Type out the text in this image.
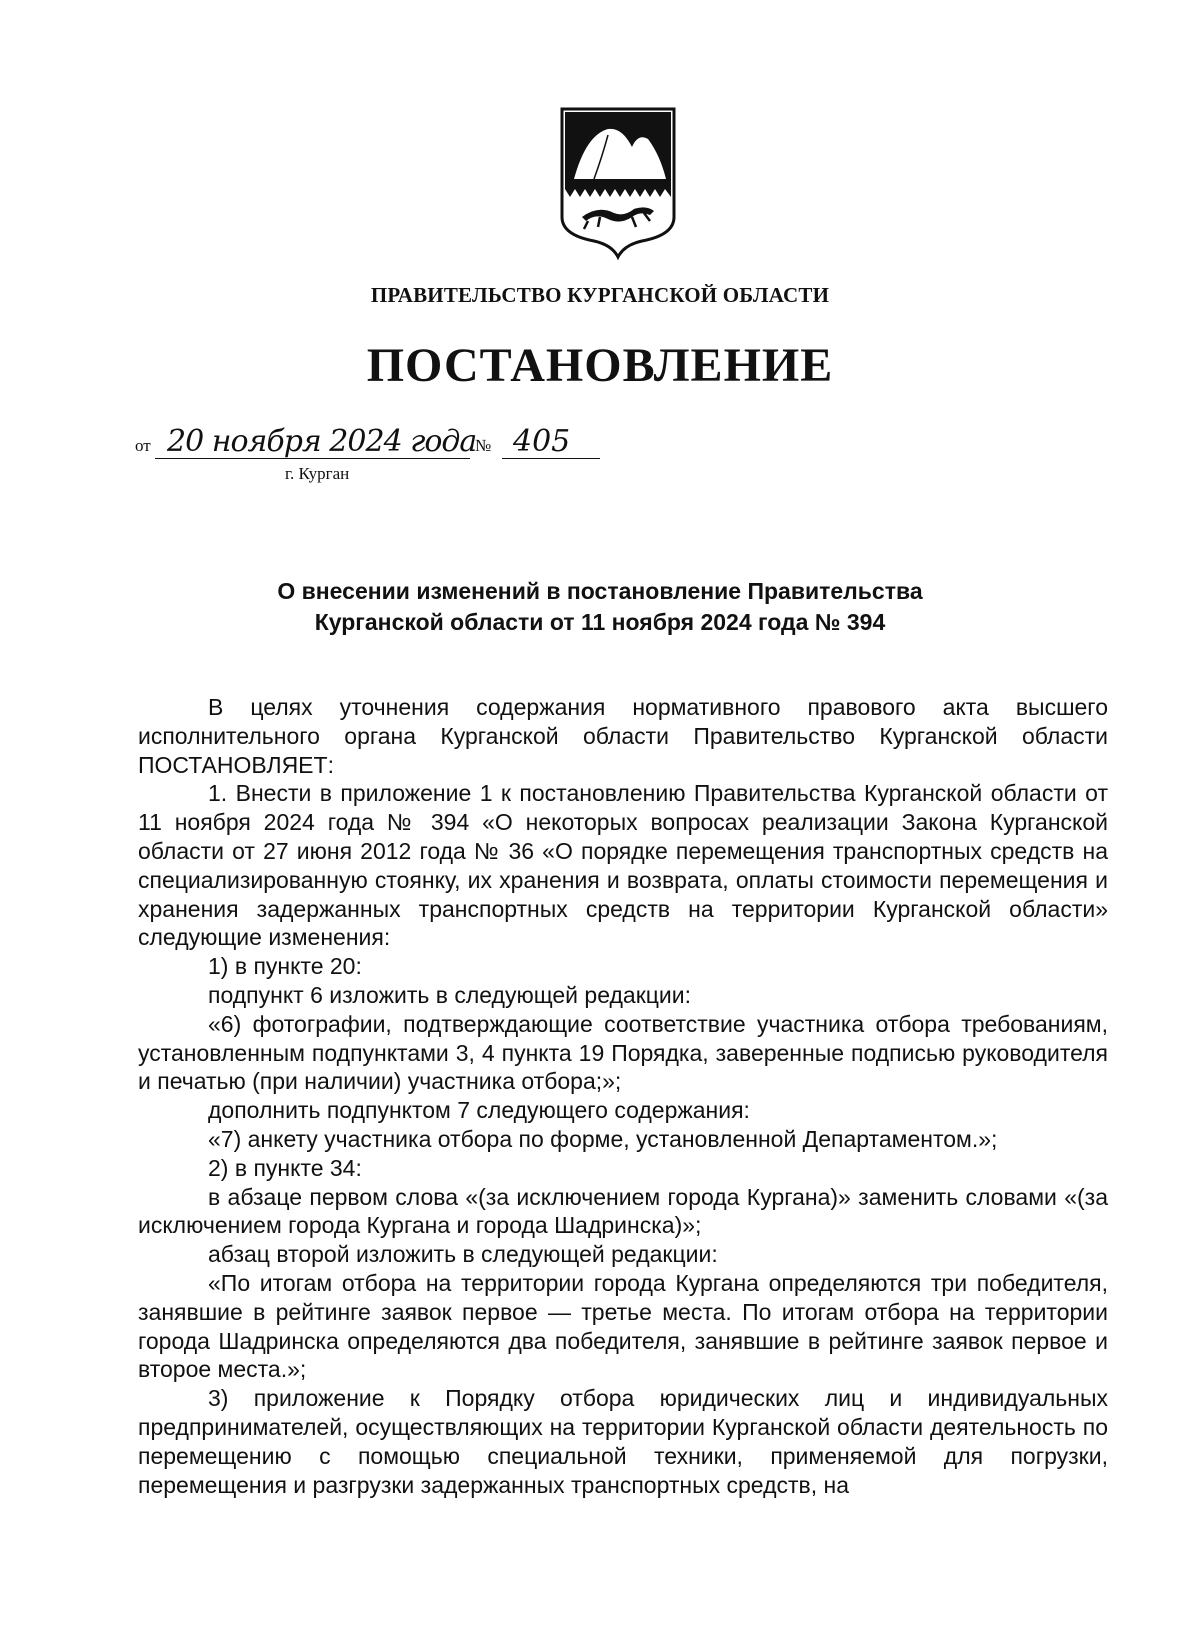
ПРАВИТЕЛЬСТВО КУРГАНСКОЙ ОБЛАСТИ
ПОСТАНОВЛЕНИЕ
от 20 ноября 2024 года
№ 405
г. Курган
О внесении изменений в постановление Правительства
Курганской области от 11 ноября 2024 года № 394

В целях уточнения содержания нормативного правового акта высшего исполнительного органа Курганской области Правительство Курганской области ПОСТАНОВЛЯЕТ:

1. Внести в приложение 1 к постановлению Правительства Курганской области от 11 ноября 2024 года № 394 «О некоторых вопросах реализации Закона Курганской области от 27 июня 2012 года № 36 «О порядке перемещения транспортных средств на специализированную стоянку, их хранения и возврата, оплаты стоимости перемещения и хранения задержанных транспортных средств на территории Курганской области» следующие изменения:

1) в пункте 20:

подпункт 6 изложить в следующей редакции:

«6) фотографии, подтверждающие соответствие участника отбора требованиям, установленным подпунктами 3, 4 пункта 19 Порядка, заверенные подписью руководителя и печатью (при наличии) участника отбора;»;

дополнить подпунктом 7 следующего содержания:

«7) анкету участника отбора по форме, установленной Департаментом.»;

2) в пункте 34:

в абзаце первом слова «(за исключением города Кургана)» заменить словами «(за исключением города Кургана и города Шадринска)»;

абзац второй изложить в следующей редакции:

«По итогам отбора на территории города Кургана определяются три победителя, занявшие в рейтинге заявок первое — третье места. По итогам отбора на территории города Шадринска определяются два победителя, занявшие в рейтинге заявок первое и второе места.»;

3) приложение к Порядку отбора юридических лиц и индивидуальных предпринимателей, осуществляющих на территории Курганской области деятельность по перемещению с помощью специальной техники, применяемой для погрузки, перемещения и разгрузки задержанных транспортных средств, на
